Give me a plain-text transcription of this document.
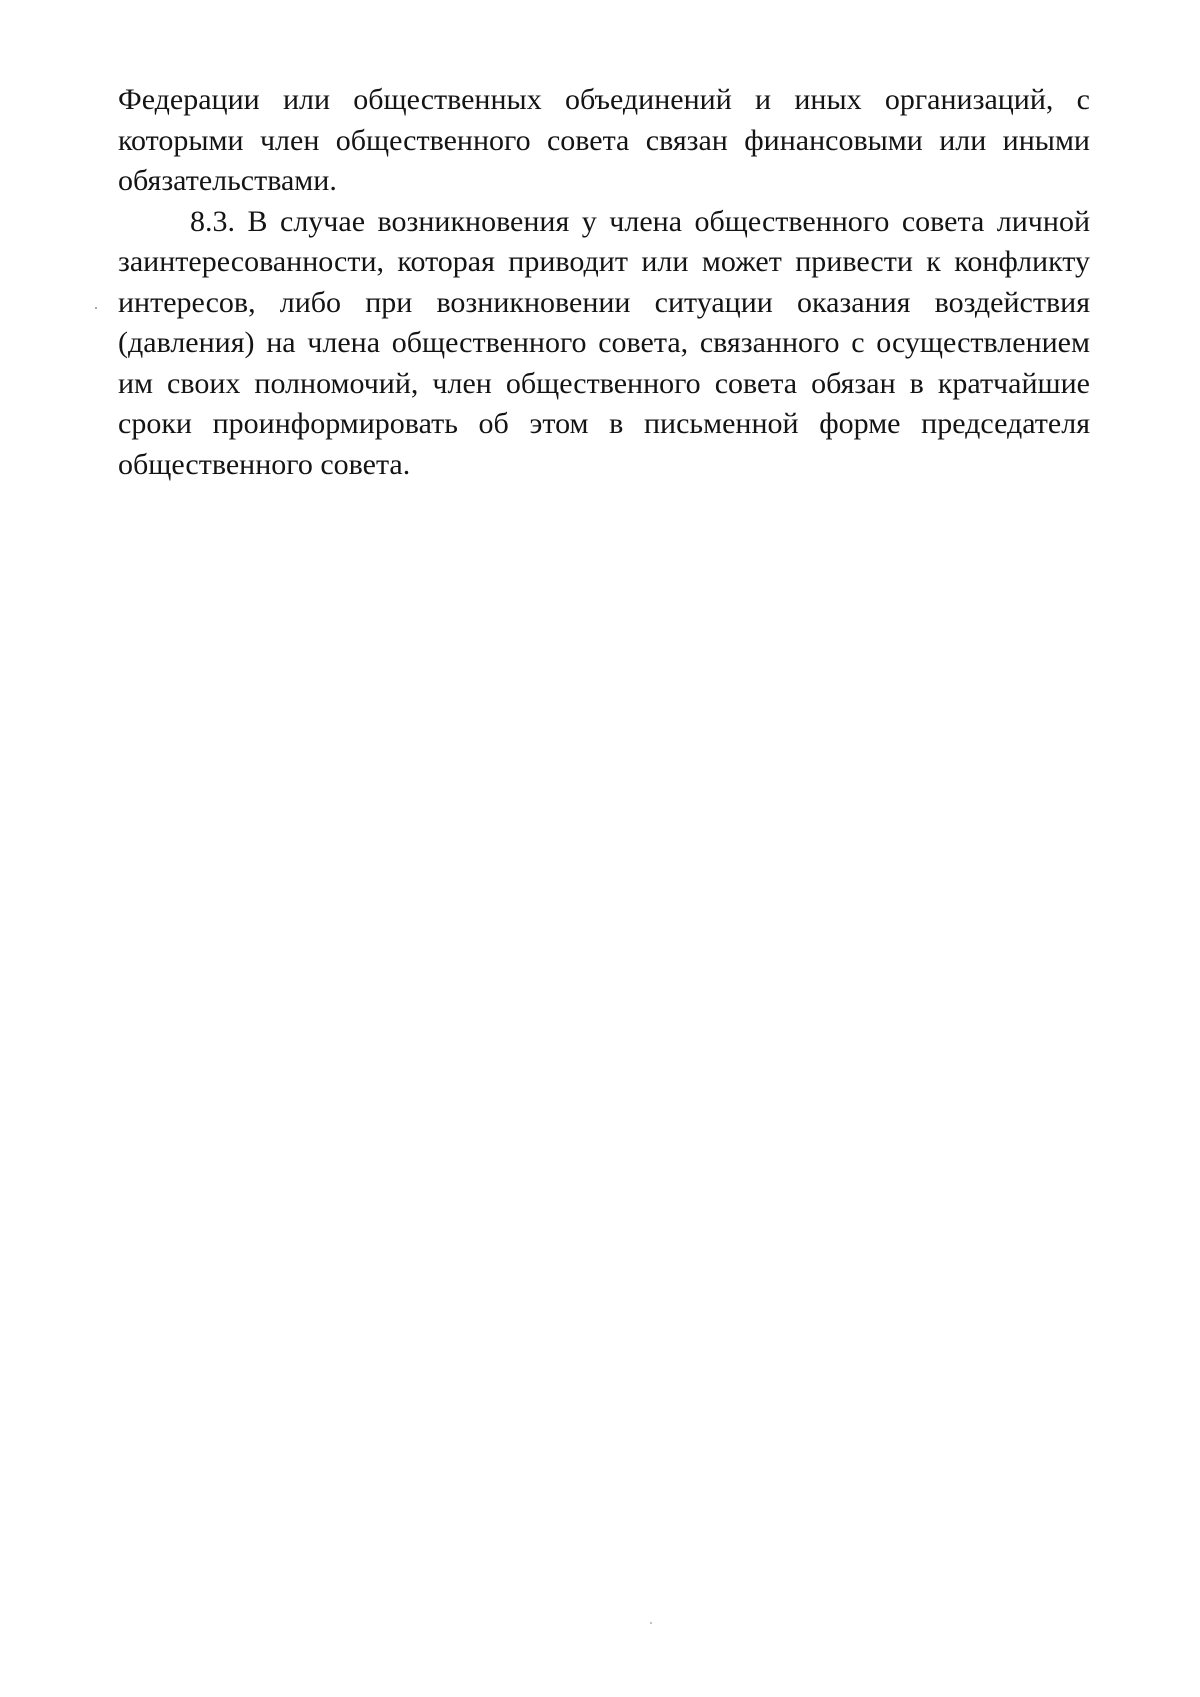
Федерации или общественных объединений и иных организаций, с которыми член общественного совета связан финансовыми или иными обязательствами.

8.3. В случае возникновения у члена общественного совета личной заинтересованности, которая приводит или может привести к конфликту интересов, либо при возникновении ситуации оказания воздействия (давления) на члена общественного совета, связанного с осуществлением им своих полномочий, член общественного совета обязан в кратчайшие сроки проинформировать об этом в письменной форме председателя общественного совета.
